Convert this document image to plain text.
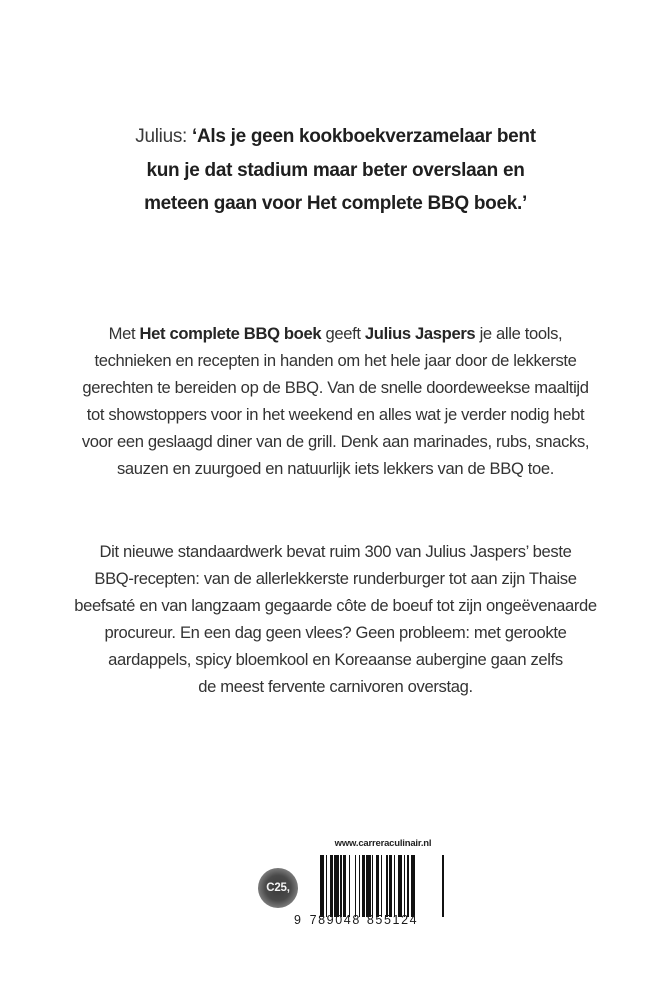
Julius: ‘Als je geen kookboekverzamelaar bent
kun je dat stadium maar beter overslaan en
meteen gaan voor Het complete BBQ boek.’
Met Het complete BBQ boek geeft Julius Jaspers je alle tools,
technieken en recepten in handen om het hele jaar door de lekkerste
gerechten te bereiden op de BBQ. Van de snelle doordeweekse maaltijd
tot showstoppers voor in het weekend en alles wat je verder nodig hebt
voor een geslaagd diner van de grill. Denk aan marinades, rubs, snacks,
sauzen en zuurgoed en natuurlijk iets lekkers van de BBQ toe.
Dit nieuwe standaardwerk bevat ruim 300 van Julius Jaspers’ beste
BBQ-recepten: van de allerlekkerste runderburger tot aan zijn Thaise
beefsaté en van langzaam gegaarde côte de boeuf tot zijn ongeëvenaarde
procureur. En een dag geen vlees? Geen probleem: met gerookte
aardappels, spicy bloemkool en Koreaanse aubergine gaan zelfs
de meest fervente carnivoren overstag.
C25,
www.carreraculinair.nl
9 789048 855124
